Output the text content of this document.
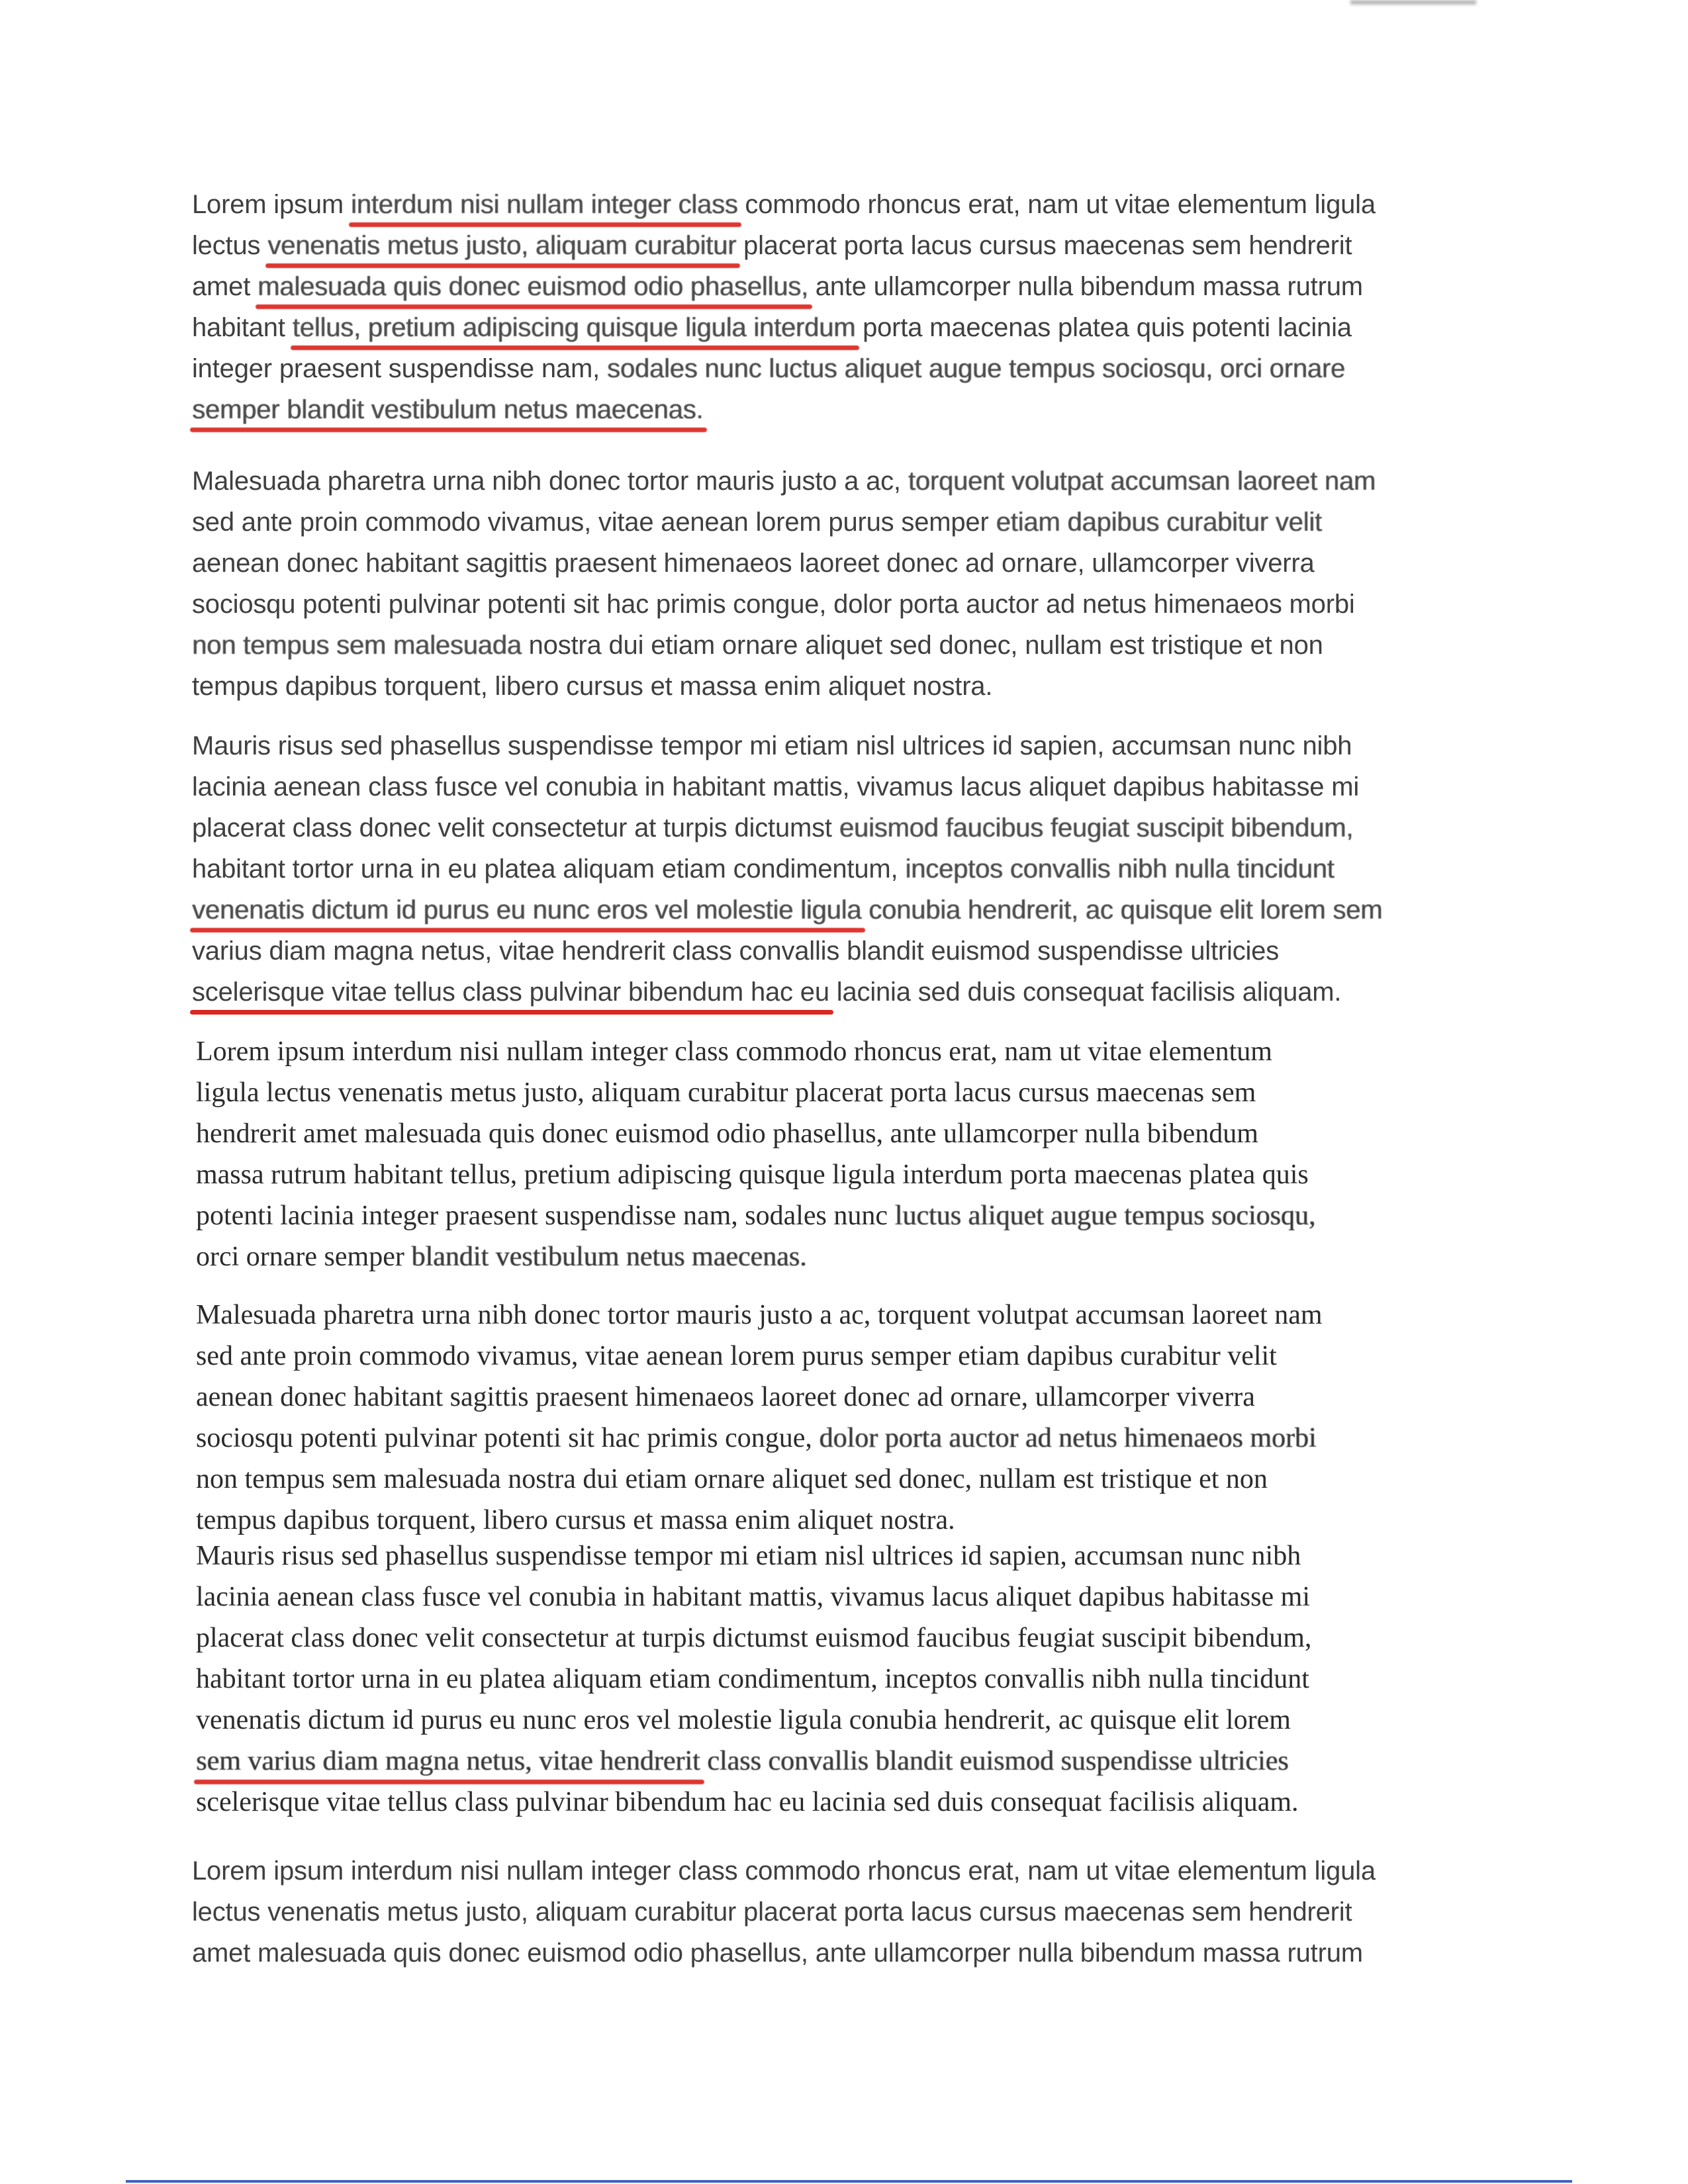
Lorem ipsum interdum nisi nullam integer class commodo rhoncus erat, nam ut vitae elementum ligula
lectus venenatis metus justo, aliquam curabitur placerat porta lacus cursus maecenas sem hendrerit
amet malesuada quis donec euismod odio phasellus, ante ullamcorper nulla bibendum massa rutrum
habitant tellus, pretium adipiscing quisque ligula interdum porta maecenas platea quis potenti lacinia
integer praesent suspendisse nam, sodales nunc luctus aliquet augue tempus sociosqu, orci ornare
semper blandit vestibulum netus maecenas.
Malesuada pharetra urna nibh donec tortor mauris justo a ac, torquent volutpat accumsan laoreet nam
sed ante proin commodo vivamus, vitae aenean lorem purus semper etiam dapibus curabitur velit
aenean donec habitant sagittis praesent himenaeos laoreet donec ad ornare, ullamcorper viverra
sociosqu potenti pulvinar potenti sit hac primis congue, dolor porta auctor ad netus himenaeos morbi
non tempus sem malesuada nostra dui etiam ornare aliquet sed donec, nullam est tristique et non
tempus dapibus torquent, libero cursus et massa enim aliquet nostra.
Mauris risus sed phasellus suspendisse tempor mi etiam nisl ultrices id sapien, accumsan nunc nibh
lacinia aenean class fusce vel conubia in habitant mattis, vivamus lacus aliquet dapibus habitasse mi
placerat class donec velit consectetur at turpis dictumst euismod faucibus feugiat suscipit bibendum,
habitant tortor urna in eu platea aliquam etiam condimentum, inceptos convallis nibh nulla tincidunt
venenatis dictum id purus eu nunc eros vel molestie ligula conubia hendrerit, ac quisque elit lorem sem
varius diam magna netus, vitae hendrerit class convallis blandit euismod suspendisse ultricies
scelerisque vitae tellus class pulvinar bibendum hac eu lacinia sed duis consequat facilisis aliquam.
Lorem ipsum interdum nisi nullam integer class commodo rhoncus erat, nam ut vitae elementum
ligula lectus venenatis metus justo, aliquam curabitur placerat porta lacus cursus maecenas sem
hendrerit amet malesuada quis donec euismod odio phasellus, ante ullamcorper nulla bibendum
massa rutrum habitant tellus, pretium adipiscing quisque ligula interdum porta maecenas platea quis
potenti lacinia integer praesent suspendisse nam, sodales nunc luctus aliquet augue tempus sociosqu,
orci ornare semper blandit vestibulum netus maecenas.
Malesuada pharetra urna nibh donec tortor mauris justo a ac, torquent volutpat accumsan laoreet nam
sed ante proin commodo vivamus, vitae aenean lorem purus semper etiam dapibus curabitur velit
aenean donec habitant sagittis praesent himenaeos laoreet donec ad ornare, ullamcorper viverra
sociosqu potenti pulvinar potenti sit hac primis congue, dolor porta auctor ad netus himenaeos morbi
non tempus sem malesuada nostra dui etiam ornare aliquet sed donec, nullam est tristique et non
tempus dapibus torquent, libero cursus et massa enim aliquet nostra.
Mauris risus sed phasellus suspendisse tempor mi etiam nisl ultrices id sapien, accumsan nunc nibh
lacinia aenean class fusce vel conubia in habitant mattis, vivamus lacus aliquet dapibus habitasse mi
placerat class donec velit consectetur at turpis dictumst euismod faucibus feugiat suscipit bibendum,
habitant tortor urna in eu platea aliquam etiam condimentum, inceptos convallis nibh nulla tincidunt
venenatis dictum id purus eu nunc eros vel molestie ligula conubia hendrerit, ac quisque elit lorem
sem varius diam magna netus, vitae hendrerit class convallis blandit euismod suspendisse ultricies
scelerisque vitae tellus class pulvinar bibendum hac eu lacinia sed duis consequat facilisis aliquam.
Lorem ipsum interdum nisi nullam integer class commodo rhoncus erat, nam ut vitae elementum ligula
lectus venenatis metus justo, aliquam curabitur placerat porta lacus cursus maecenas sem hendrerit
amet malesuada quis donec euismod odio phasellus, ante ullamcorper nulla bibendum massa rutrum
